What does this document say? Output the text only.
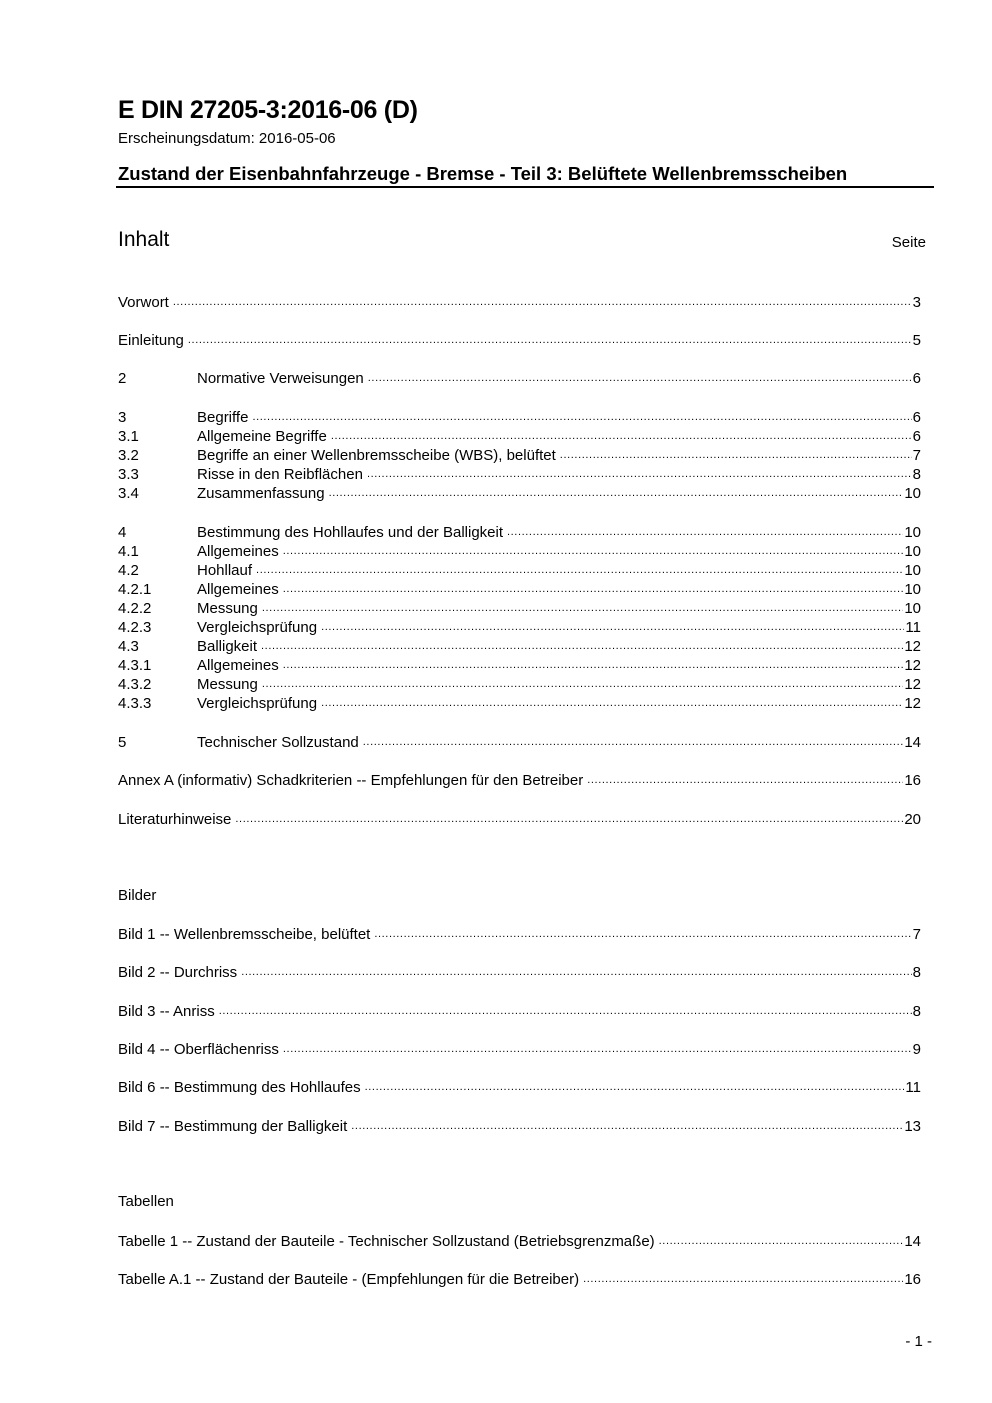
E DIN 27205-3:2016-06 (D)
Erscheinungsdatum: 2016-05-06
Zustand der Eisenbahnfahrzeuge - Bremse - Teil 3: Belüftete Wellenbremsscheiben
Inhalt	Seite
Vorwort .....	3
Einleitung .....	5
2	Normative Verweisungen .....	6
3	Begriffe .....	6
3.1	Allgemeine Begriffe .....	6
3.2	Begriffe an einer Wellenbremsscheibe (WBS), belüftet .....	7
3.3	Risse in den Reibflächen .....	8
3.4	Zusammenfassung .....	10
4	Bestimmung des Hohllaufes und der Balligkeit .....	10
4.1	Allgemeines .....	10
4.2	Hohllauf .....	10
4.2.1	Allgemeines .....	10
4.2.2	Messung .....	10
4.2.3	Vergleichsprüfung .....	11
4.3	Balligkeit .....	12
4.3.1	Allgemeines .....	12
4.3.2	Messung .....	12
4.3.3	Vergleichsprüfung .....	12
5	Technischer Sollzustand .....	14
Annex A (informativ) Schadkriterien -- Empfehlungen für den Betreiber .....	16
Literaturhinweise .....	20
Bilder
Bild 1 -- Wellenbremsscheibe, belüftet .....	7
Bild 2 -- Durchriss .....	8
Bild 3 -- Anriss .....	8
Bild 4 -- Oberflächenriss .....	9
Bild 6 -- Bestimmung des Hohllaufes .....	11
Bild 7 -- Bestimmung der Balligkeit .....	13
Tabellen
Tabelle 1 -- Zustand der Bauteile - Technischer Sollzustand (Betriebsgrenzmaße) .....	14
Tabelle A.1 -- Zustand der Bauteile - (Empfehlungen für die Betreiber) .....	16
- 1 -
